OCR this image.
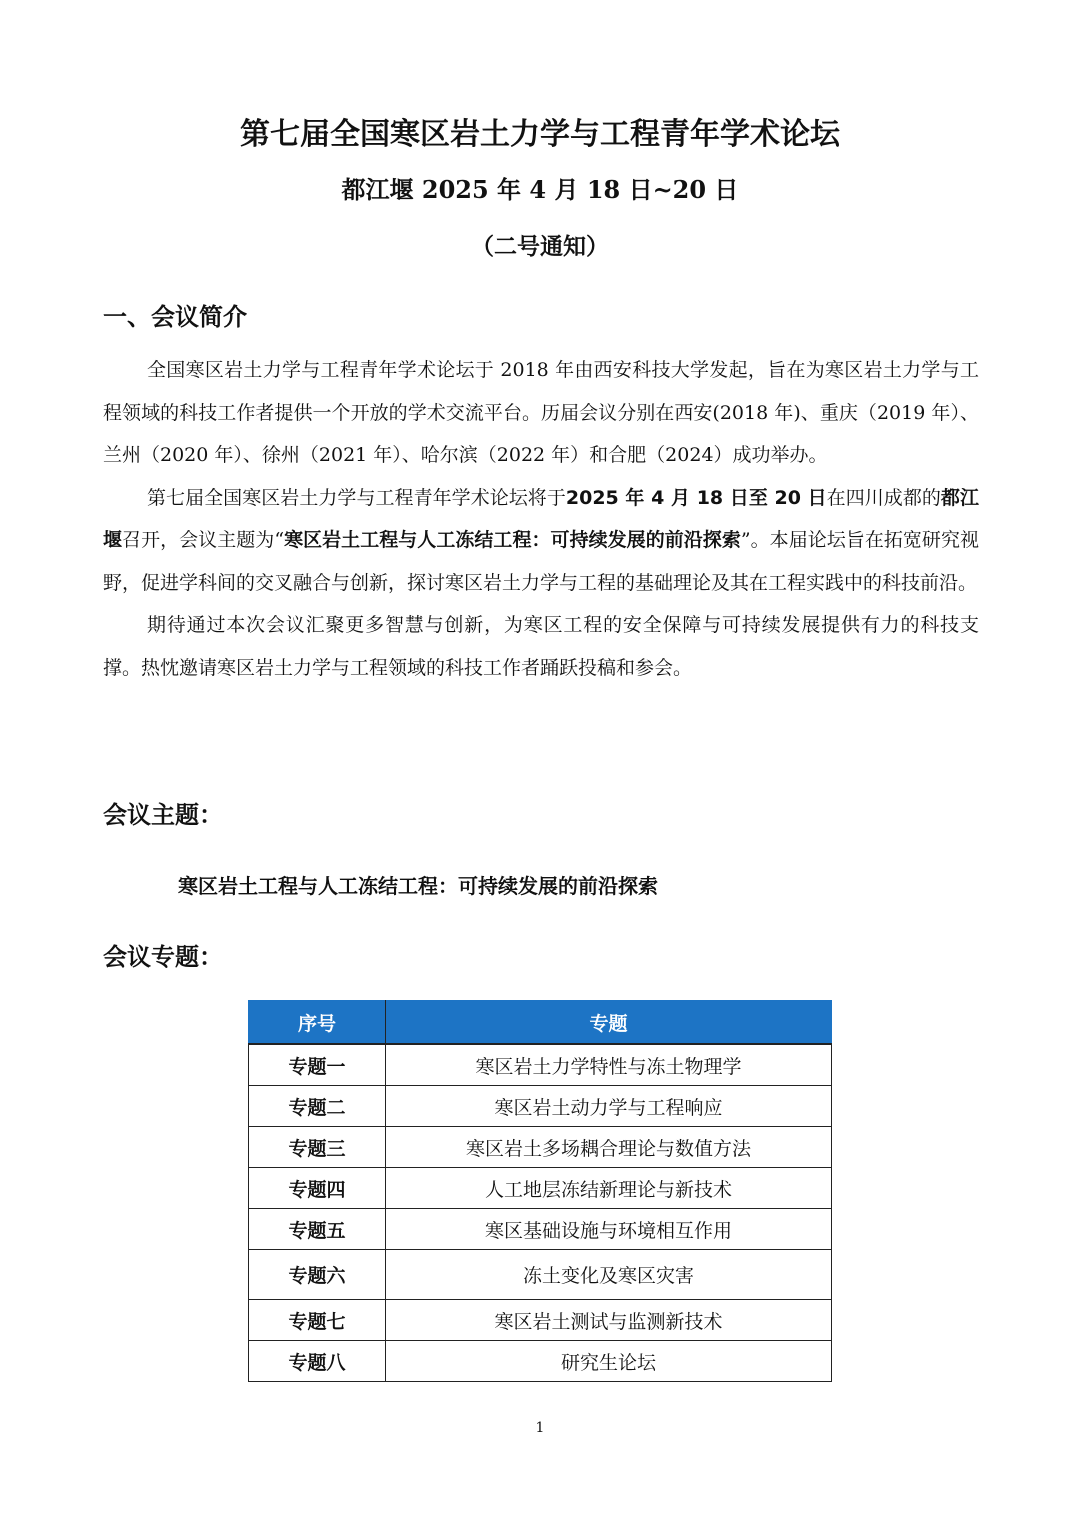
第七届全国寒区岩土力学与工程青年学术论坛
都江堰 2025 年 4 月 18 日~20 日
（二号通知）
一、会议简介

全国寒区岩土力学与工程青年学术论坛于 2018 年由西安科技大学发起，旨在为寒区岩土力学与工程领域的科技工作者提供一个开放的学术交流平台。历届会议分别在西安(2018 年)、重庆（2019 年）、兰州（2020 年）、徐州（2021 年）、哈尔滨（2022 年）和合肥（2024）成功举办。

第七届全国寒区岩土力学与工程青年学术论坛将于2025 年 4 月 18 日至 20 日在四川成都的都江堰召开，会议主题为“寒区岩土工程与人工冻结工程：可持续发展的前沿探索”。本届论坛旨在拓宽研究视野，促进学科间的交叉融合与创新，探讨寒区岩土力学与工程的基础理论及其在工程实践中的科技前沿。

期待通过本次会议汇聚更多智慧与创新，为寒区工程的安全保障与可持续发展提供有力的科技支撑。热忱邀请寒区岩土力学与工程领域的科技工作者踊跃投稿和参会。

会议主题：
寒区岩土工程与人工冻结工程：可持续发展的前沿探索
会议专题：
序号	专题
专题一	寒区岩土力学特性与冻土物理学
专题二	寒区岩土动力学与工程响应
专题三	寒区岩土多场耦合理论与数值方法
专题四	人工地层冻结新理论与新技术
专题五	寒区基础设施与环境相互作用
专题六	冻土变化及寒区灾害
专题七	寒区岩土测试与监测新技术
专题八	研究生论坛
1
